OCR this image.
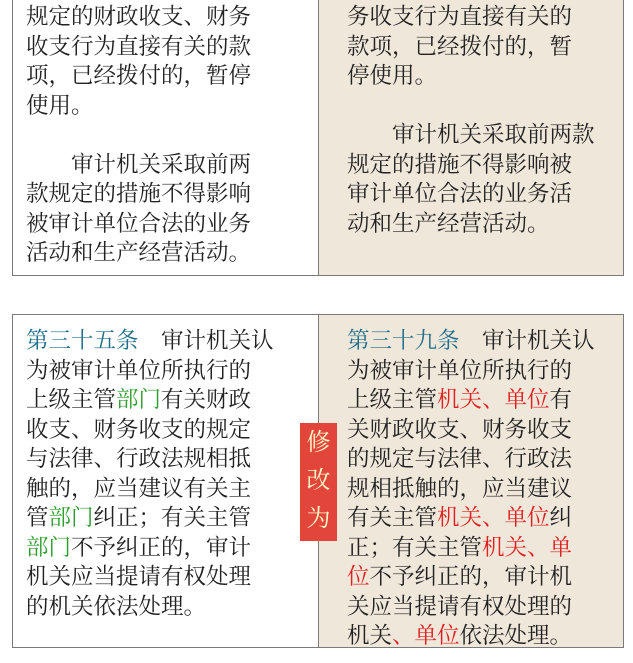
规定的财政收支、财务
收支行为直接有关的款
项，已经拨付的，暂停
使用。
　　审计机关采取前两
款规定的措施不得影响
被审计单位合法的业务
活动和生产经营活动。
务收支行为直接有关的
款项，已经拨付的，暂
停使用。
　　审计机关采取前两款
规定的措施不得影响被
审计单位合法的业务活
动和生产经营活动。
第三十五条　 审计机关认
为被审计单位所执行的
上级主管部门有关财政
收支、财务收支的规定
与法律、行政法规相抵
触的，应当建议有关主
管部门纠正；有关主管
部门不予纠正的，审计
机关应当提请有权处理
的机关依法处理。
第三十九条　 审计机关认
为被审计单位所执行的
上级主管机关、单位有
关财政收支、财务收支
的规定与法律、行政法
规相抵触的，应当建议
有关主管机关、单位纠
正；有关主管机关、单
位不予纠正的，审计机
关应当提请有权处理的
机关、单位依法处理。
修
改
为
